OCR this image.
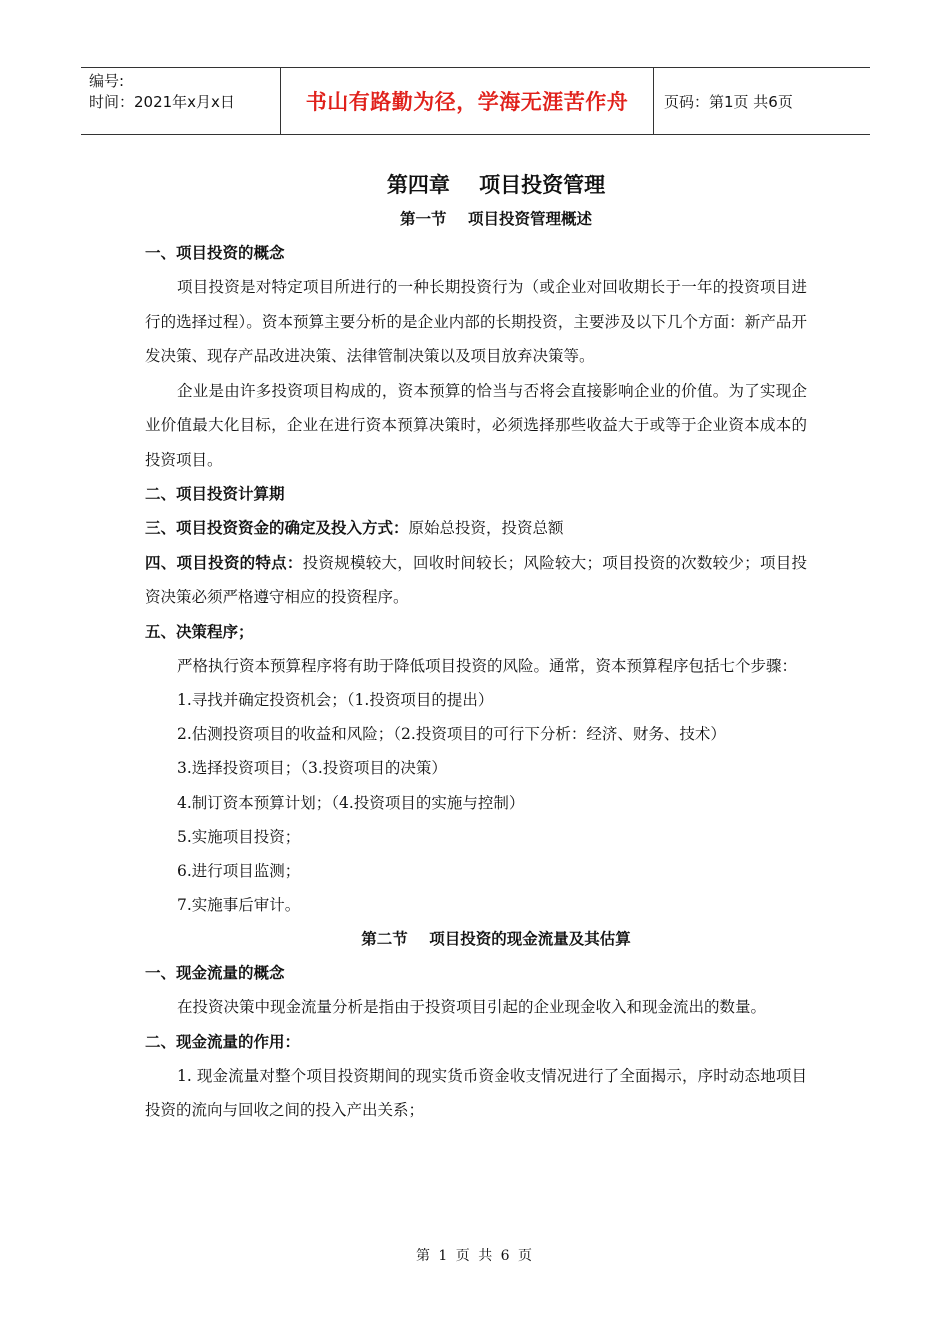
编号:
时间：2021年x月x日	书山有路勤为径，学海无涯苦作舟	页码：第1页 共6页
第四章    项目投资管理
第一节    项目投资管理概述
一、项目投资的概念
项目投资是对特定项目所进行的一种长期投资行为（或企业对回收期长于一年的投资项目进行的选择过程）。资本预算主要分析的是企业内部的长期投资，主要涉及以下几个方面：新产品开发决策、现存产品改进决策、法律管制决策以及项目放弃决策等。
企业是由许多投资项目构成的，资本预算的恰当与否将会直接影响企业的价值。为了实现企业价值最大化目标，企业在进行资本预算决策时，必须选择那些收益大于或等于企业资本成本的投资项目。
二、项目投资计算期
三、项目投资资金的确定及投入方式：原始总投资，投资总额
四、项目投资的特点：投资规模较大，回收时间较长；风险较大；项目投资的次数较少；项目投资决策必须严格遵守相应的投资程序。
五、决策程序；
严格执行资本预算程序将有助于降低项目投资的风险。通常，资本预算程序包括七个步骤：
1.寻找并确定投资机会；（1.投资项目的提出）
2.估测投资项目的收益和风险；（2.投资项目的可行下分析：经济、财务、技术）
3.选择投资项目；（3.投资项目的决策）
4.制订资本预算计划；（4.投资项目的实施与控制）
5.实施项目投资；
6.进行项目监测；
7.实施事后审计。
第二节    项目投资的现金流量及其估算
一、现金流量的概念
在投资决策中现金流量分析是指由于投资项目引起的企业现金收入和现金流出的数量。
二、现金流量的作用：
1. 现金流量对整个项目投资期间的现实货币资金收支情况进行了全面揭示，序时动态地项目投资的流向与回收之间的投入产出关系；
第 1 页 共 6 页
